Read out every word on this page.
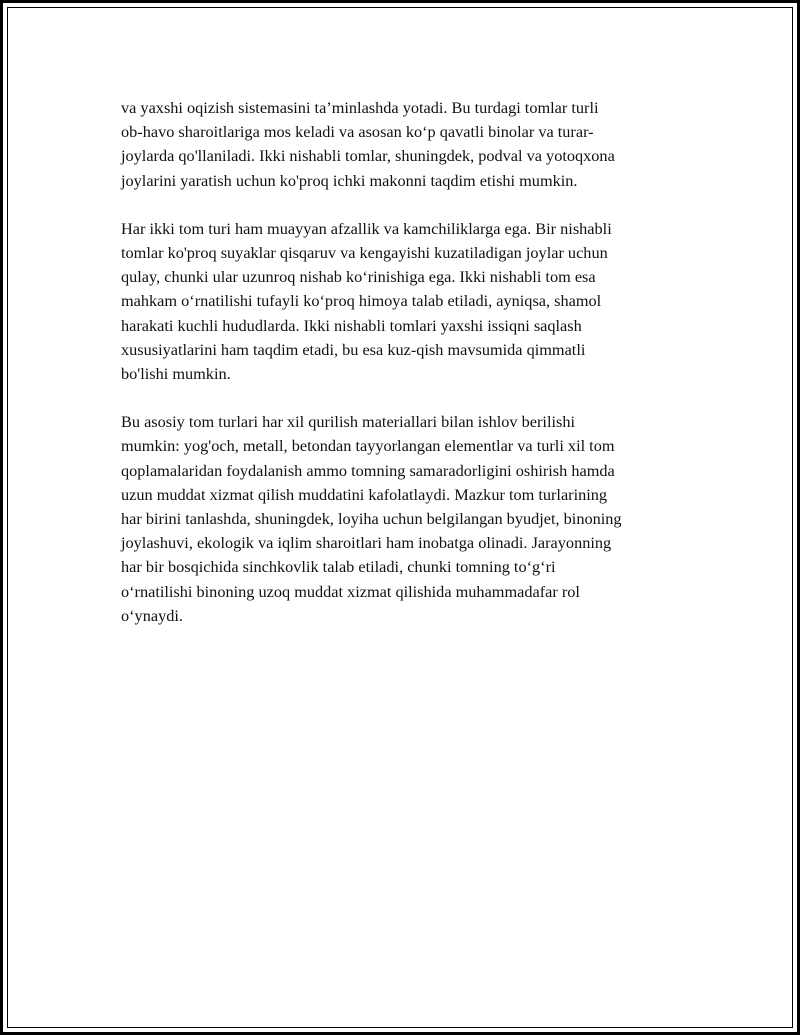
va yaxshi oqizish sistemasini ta’minlashda yotadi. Bu turdagi tomlar turli
ob-havo sharoitlariga mos keladi va asosan ko‘p qavatli binolar va turar-
joylarda qo'llaniladi. Ikki nishabli tomlar, shuningdek, podval va yotoqxona
joylarini yaratish uchun ko'proq ichki makonni taqdim etishi mumkin.

Har ikki tom turi ham muayyan afzallik va kamchiliklarga ega. Bir nishabli
tomlar ko'proq suyaklar qisqaruv va kengayishi kuzatiladigan joylar uchun
qulay, chunki ular uzunroq nishab ko‘rinishiga ega. Ikki nishabli tom esa
mahkam o‘rnatilishi tufayli ko‘proq himoya talab etiladi, ayniqsa, shamol
harakati kuchli hududlarda. Ikki nishabli tomlari yaxshi issiqni saqlash
xususiyatlarini ham taqdim etadi, bu esa kuz-qish mavsumida qimmatli
bo'lishi mumkin.

Bu asosiy tom turlari har xil qurilish materiallari bilan ishlov berilishi
mumkin: yog'och, metall, betondan tayyorlangan elementlar va turli xil tom
qoplamalaridan foydalanish ammo tomning samaradorligini oshirish hamda
uzun muddat xizmat qilish muddatini kafolatlaydi. Mazkur tom turlarining
har birini tanlashda, shuningdek, loyiha uchun belgilangan byudjet, binoning
joylashuvi, ekologik va iqlim sharoitlari ham inobatga olinadi. Jarayonning
har bir bosqichida sinchkovlik talab etiladi, chunki tomning to‘g‘ri
o‘rnatilishi binoning uzoq muddat xizmat qilishida muhammadafar rol
o‘ynaydi.
